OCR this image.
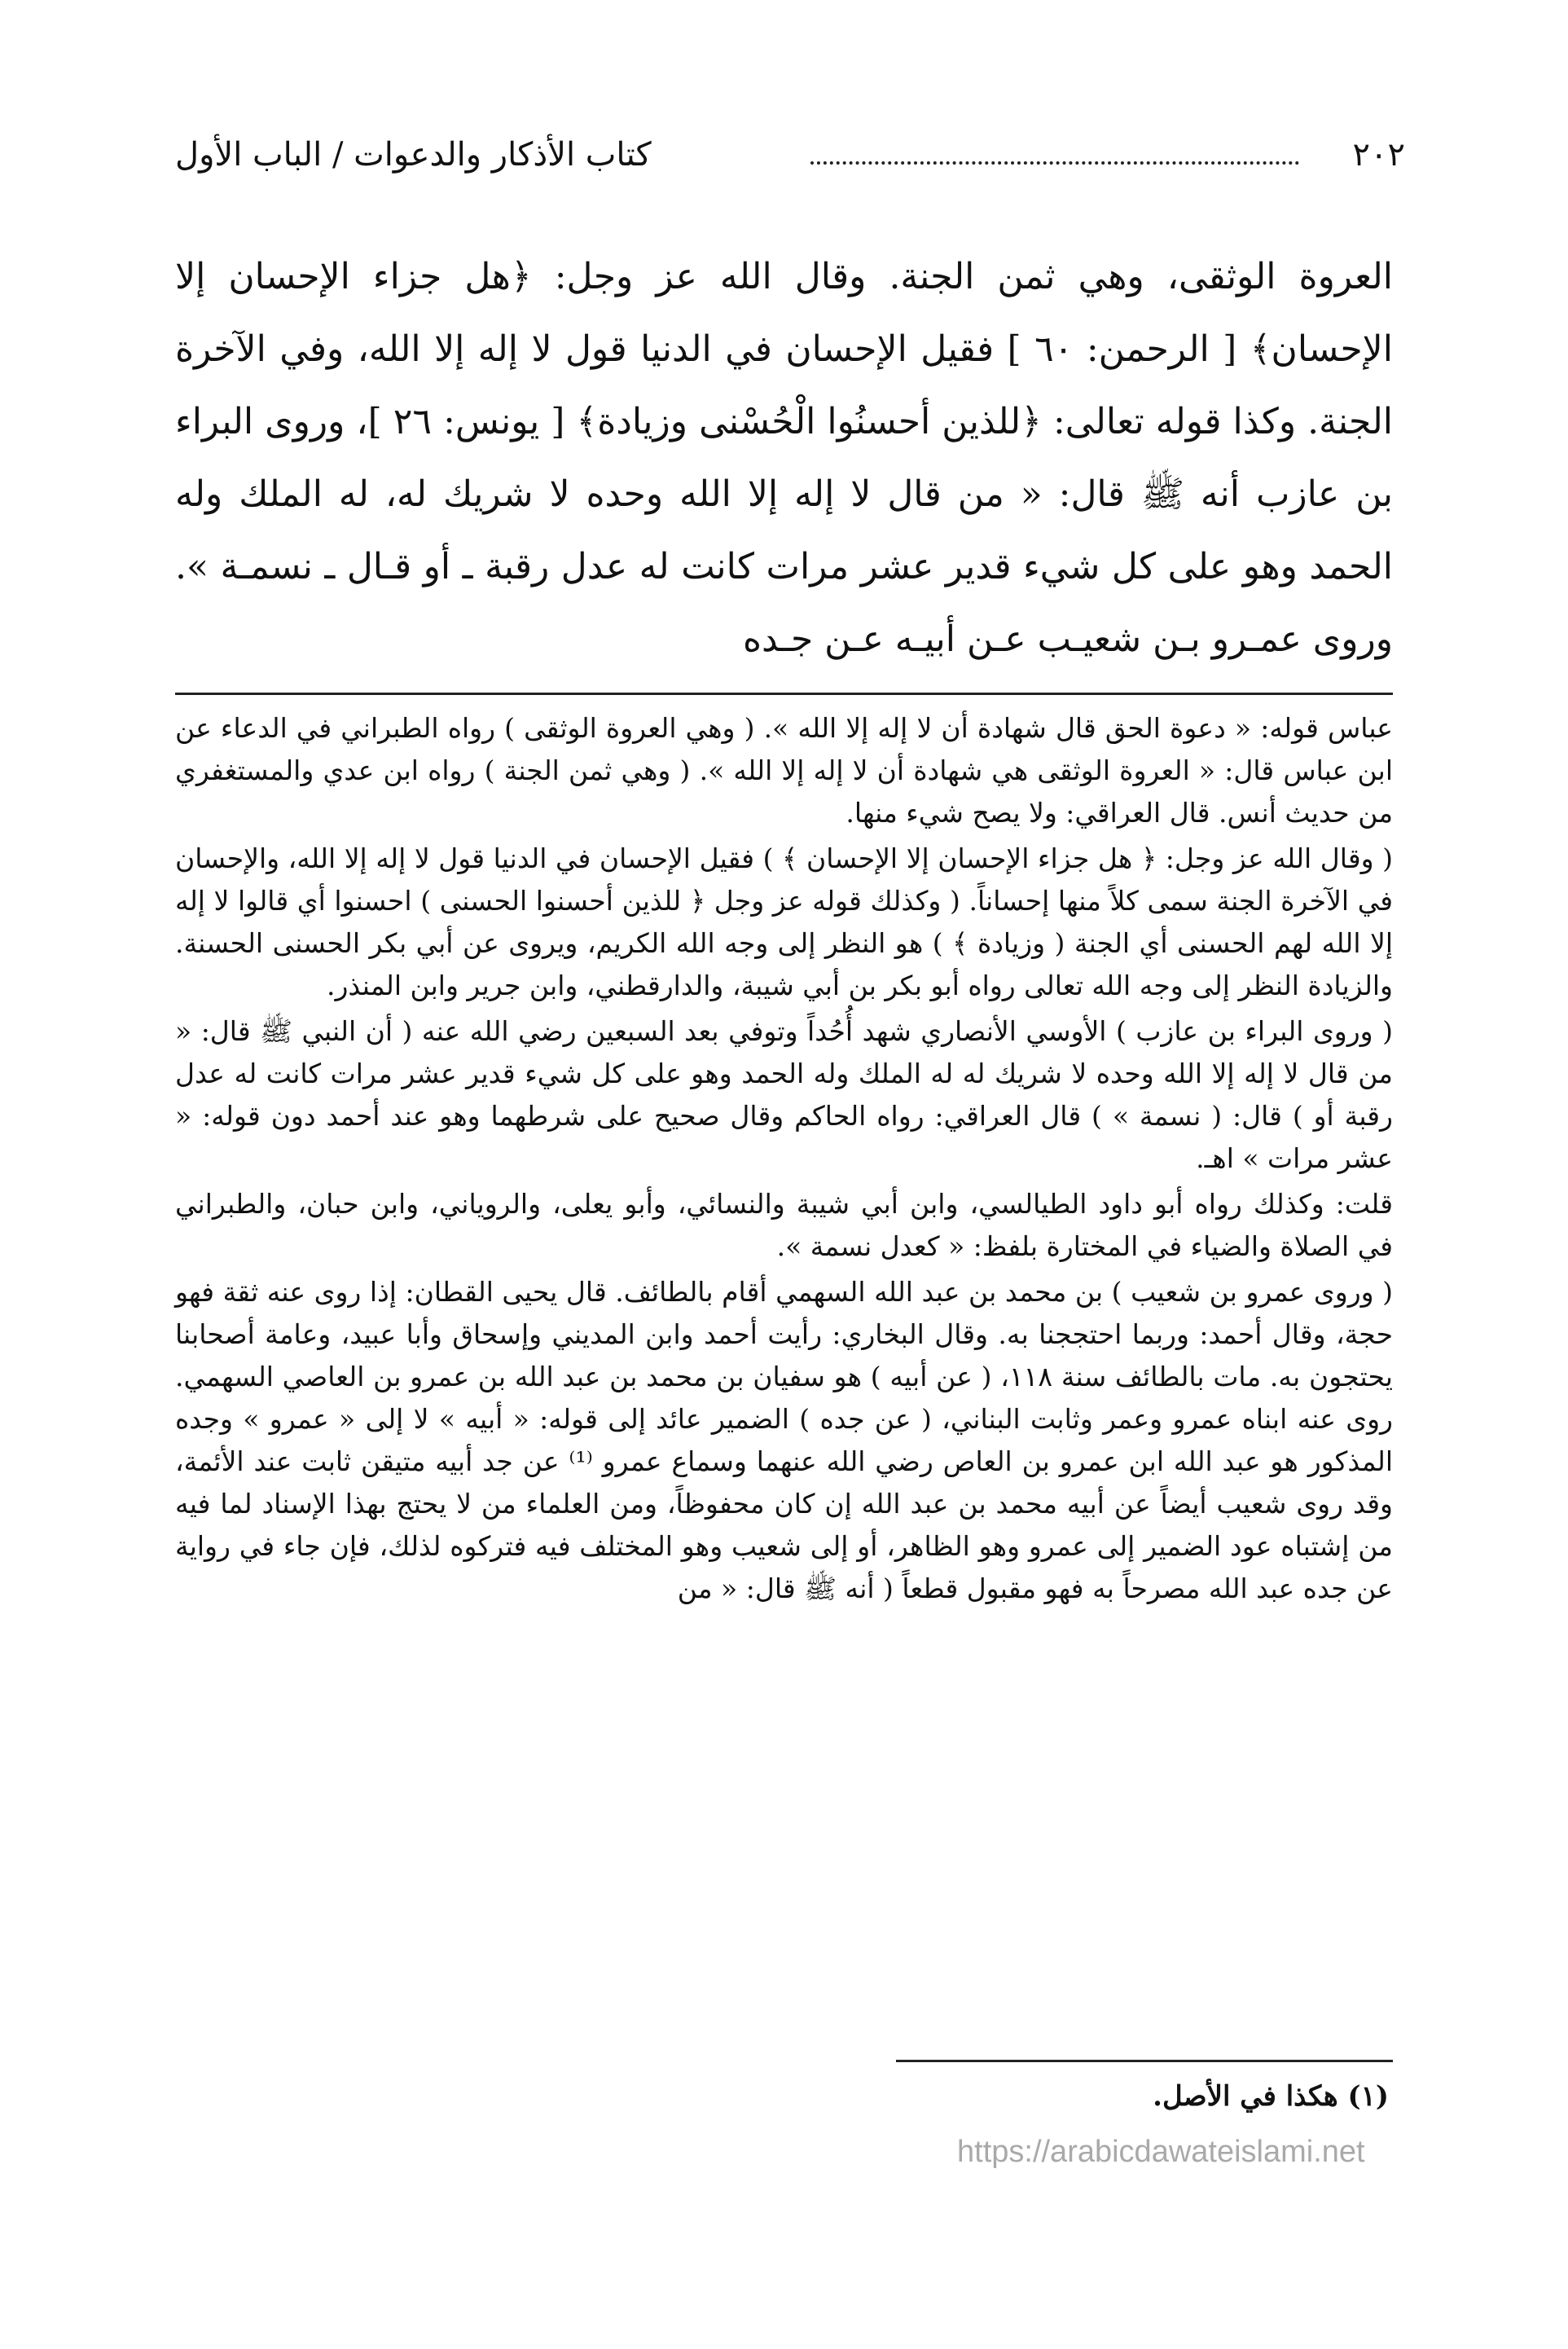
٢٠٢
كتاب الأذكار والدعوات / الباب الأول

العروة الوثقى، وهي ثمن الجنة. وقال الله عز وجل: ﴿هل جزاء الإحسان إلا الإحسان﴾ [ الرحمن: ٦٠ ] فقيل الإحسان في الدنيا قول لا إله إلا الله، وفي الآخرة الجنة. وكذا قوله تعالى: ﴿للذين أحسنُوا الْحُسْنى وزيادة﴾ [ يونس: ٢٦ ]، وروى البراء بن عازب أنه ﷺ قال: « من قال لا إله إلا الله وحده لا شريك له، له الملك وله الحمد وهو على كل شيء قدير عشر مرات كانت له عدل رقبة ـ أو قـال ـ نسمـة ». وروى عمـرو بـن شعيـب عـن أبيـه عـن جـده

عباس قوله: « دعوة الحق قال شهادة أن لا إله إلا الله ». ( وهي العروة الوثقى ) رواه الطبراني في الدعاء عن ابن عباس قال: « العروة الوثقى هي شهادة أن لا إله إلا الله ». ( وهي ثمن الجنة ) رواه ابن عدي والمستغفري من حديث أنس. قال العراقي: ولا يصح شيء منها.

( وقال الله عز وجل: ﴿ هل جزاء الإحسان إلا الإحسان ﴾ ) فقيل الإحسان في الدنيا قول لا إله إلا الله، والإحسان في الآخرة الجنة سمى كلاً منها إحساناً. ( وكذلك قوله عز وجل ﴿ للذين أحسنوا الحسنى ) احسنوا أي قالوا لا إله إلا الله لهم الحسنى أي الجنة ( وزيادة ﴾ ) هو النظر إلى وجه الله الكريم، ويروى عن أبي بكر الحسنى الحسنة. والزيادة النظر إلى وجه الله تعالى رواه أبو بكر بن أبي شيبة، والدارقطني، وابن جرير وابن المنذر.

( وروى البراء بن عازب ) الأوسي الأنصاري شهد أُحُداً وتوفي بعد السبعين رضي الله عنه ( أن النبي ﷺ قال: « من قال لا إله إلا الله وحده لا شريك له له الملك وله الحمد وهو على كل شيء قدير عشر مرات كانت له عدل رقبة أو ) قال: ( نسمة » ) قال العراقي: رواه الحاكم وقال صحيح على شرطهما وهو عند أحمد دون قوله: « عشر مرات » اهـ.

قلت: وكذلك رواه أبو داود الطيالسي، وابن أبي شيبة والنسائي، وأبو يعلى، والروياني، وابن حبان، والطبراني في الصلاة والضياء في المختارة بلفظ: « كعدل نسمة ».

( وروى عمرو بن شعيب ) بن محمد بن عبد الله السهمي أقام بالطائف. قال يحيى القطان: إذا روى عنه ثقة فهو حجة، وقال أحمد: وربما احتججنا به. وقال البخاري: رأيت أحمد وابن المديني وإسحاق وأبا عبيد، وعامة أصحابنا يحتجون به. مات بالطائف سنة ١١٨، ( عن أبيه ) هو سفيان بن محمد بن عبد الله بن عمرو بن العاصي السهمي. روى عنه ابناه عمرو وعمر وثابت البناني، ( عن جده ) الضمير عائد إلى قوله: « أبيه » لا إلى « عمرو » وجده المذكور هو عبد الله ابن عمرو بن العاص رضي الله عنهما وسماع عمرو ⁽¹⁾ عن جد أبيه متيقن ثابت عند الأئمة، وقد روى شعيب أيضاً عن أبيه محمد بن عبد الله إن كان محفوظاً، ومن العلماء من لا يحتج بهذا الإسناد لما فيه من إشتباه عود الضمير إلى عمرو وهو الظاهر، أو إلى شعيب وهو المختلف فيه فتركوه لذلك، فإن جاء في رواية عن جده عبد الله مصرحاً به فهو مقبول قطعاً ( أنه ﷺ قال: « من

(١) هكذا في الأصل.
https://arabicdawateislami.net
